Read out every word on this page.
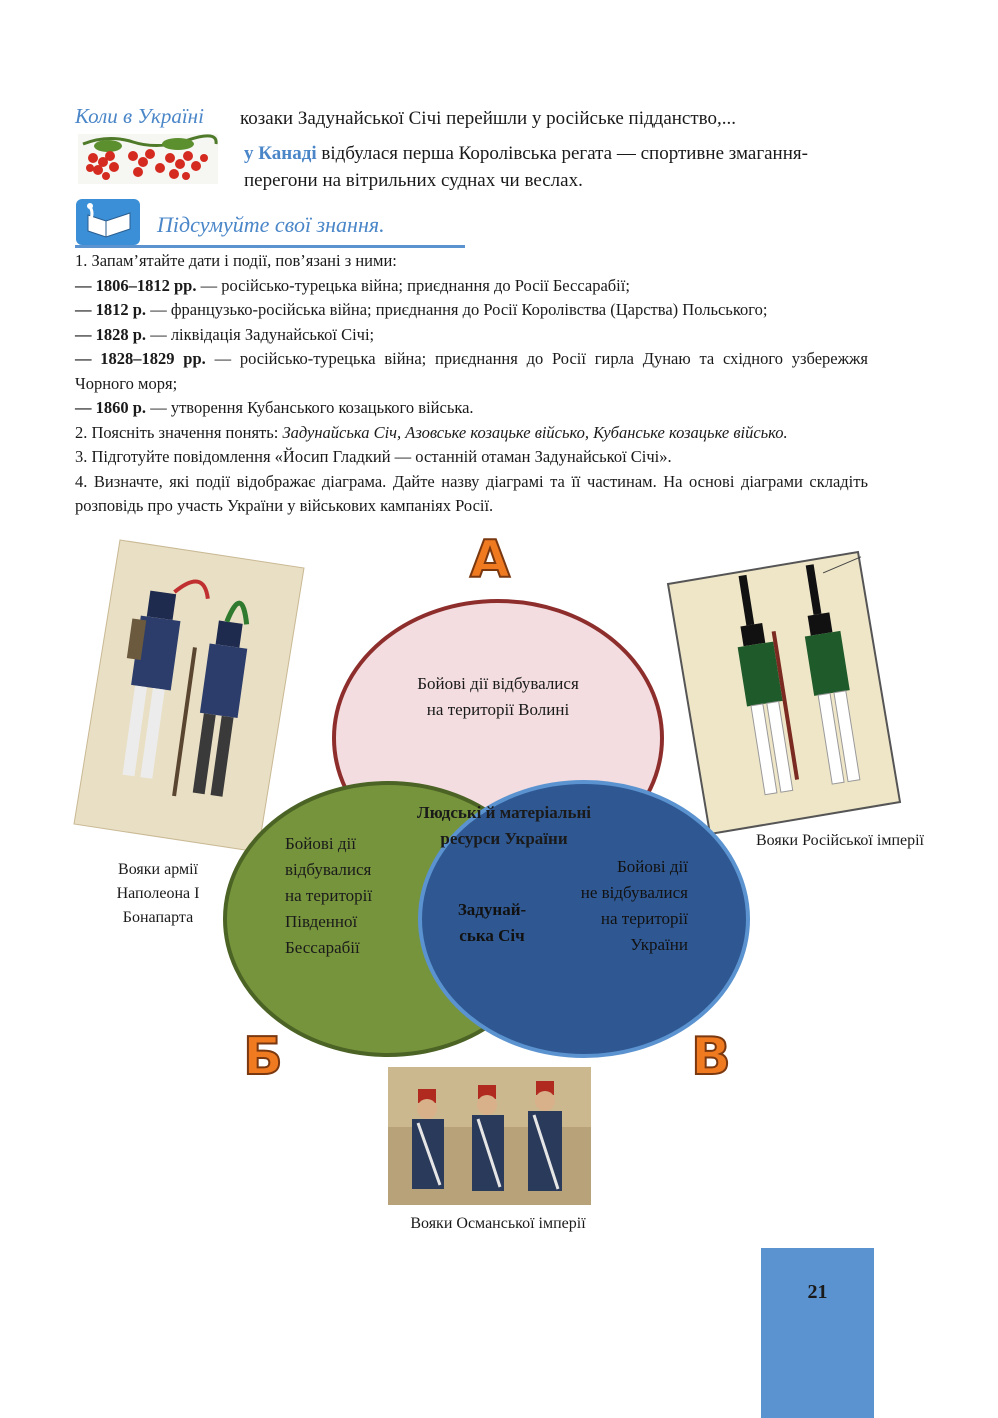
Коли в Україні козаки Задунайської Січі перейшли у російське підданство,...
у Канаді відбулася перша Королівська регата — спортивне змагання-перегони на вітрильних суднах чи веслах.
Підсумуйте свої знання.

1. Запам’ятайте дати і події, пов’язані з ними:

— 1806–1812 рр. — російсько-турецька війна; приєднання до Росії Бессарабії;

— 1812 р. — французько-російська війна; приєднання до Росії Королівства (Царства) Польського;

— 1828 р. — ліквідація Задунайської Січі;

— 1828–1829 рр. — російсько-турецька війна; приєднання до Росії гирла Дунаю та східного узбережжя Чорного моря;

— 1860 р. — утворення Кубанського козацького війська.

2. Поясніть значення понять: Задунайська Січ, Азовське козацьке військо, Кубанське козацьке військо.

3. Підготуйте повідомлення «Йосип Гладкий — останній отаман Задунайської Січі».

4. Визначте, які події відображає діаграма. Дайте назву діаграмі та її частинам. На основі діаграми складіть розповідь про участь України у військових кампаніях Росії.

Вояки армії
Наполеона І
Бонапарта
Вояки Російської імперії
Вояки Османської імперії
А
Б	В
Бойові дії відбувалися
на території Волині
Людські й матеріальні
ресурси України
Бойові дії
відбувалися
на території
Південної
Бессарабії
Задунай-
ська Січ
Бойові дії
не відбувалися
на території
України
21
